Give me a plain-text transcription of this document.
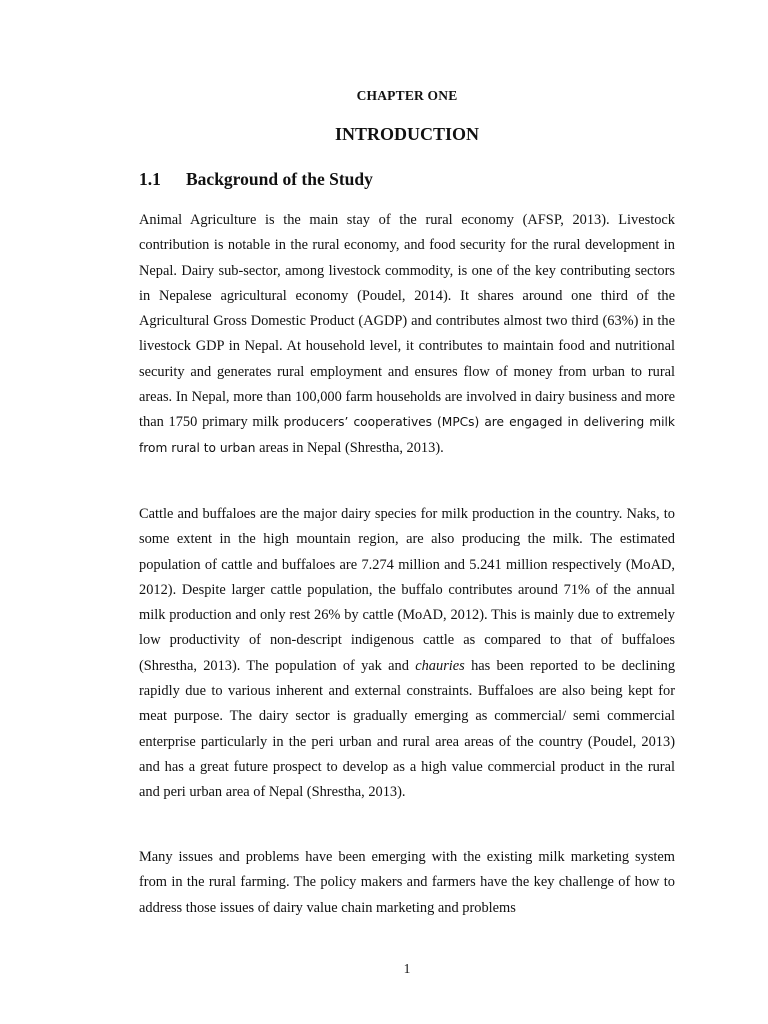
CHAPTER ONE
INTRODUCTION
1.1 Background of the Study

Animal Agriculture is the main stay of the rural economy (AFSP, 2013). Livestock contribution is notable in the rural economy, and food security for the rural development in Nepal. Dairy sub-sector, among livestock commodity, is one of the key contributing sectors in Nepalese agricultural economy (Poudel, 2014). It shares around one third of the Agricultural Gross Domestic Product (AGDP) and contributes almost two third (63%) in the livestock GDP in Nepal. At household level, it contributes to maintain food and nutritional security and generates rural employment and ensures flow of money from urban to rural areas. In Nepal, more than 100,000 farm households are involved in dairy business and more than 1750 primary milk producers’ cooperatives (MPCs) are engaged in delivering milk from rural to urban areas in Nepal (Shrestha, 2013).

Cattle and buffaloes are the major dairy species for milk production in the country. Naks, to some extent in the high mountain region, are also producing the milk. The estimated population of cattle and buffaloes are 7.274 million and 5.241 million respectively (MoAD, 2012). Despite larger cattle population, the buffalo contributes around 71% of the annual milk production and only rest 26% by cattle (MoAD, 2012). This is mainly due to extremely low productivity of non-descript indigenous cattle as compared to that of buffaloes (Shrestha, 2013). The population of yak and chauries has been reported to be declining rapidly due to various inherent and external constraints. Buffaloes are also being kept for meat purpose. The dairy sector is gradually emerging as commercial/ semi commercial enterprise particularly in the peri urban and rural area areas of the country (Poudel, 2013) and has a great future prospect to develop as a high value commercial product in the rural and peri urban area of Nepal (Shrestha, 2013).

Many issues and problems have been emerging with the existing milk marketing system from in the rural farming. The policy makers and farmers have the key challenge of how to address those issues of dairy value chain marketing and problems

1
